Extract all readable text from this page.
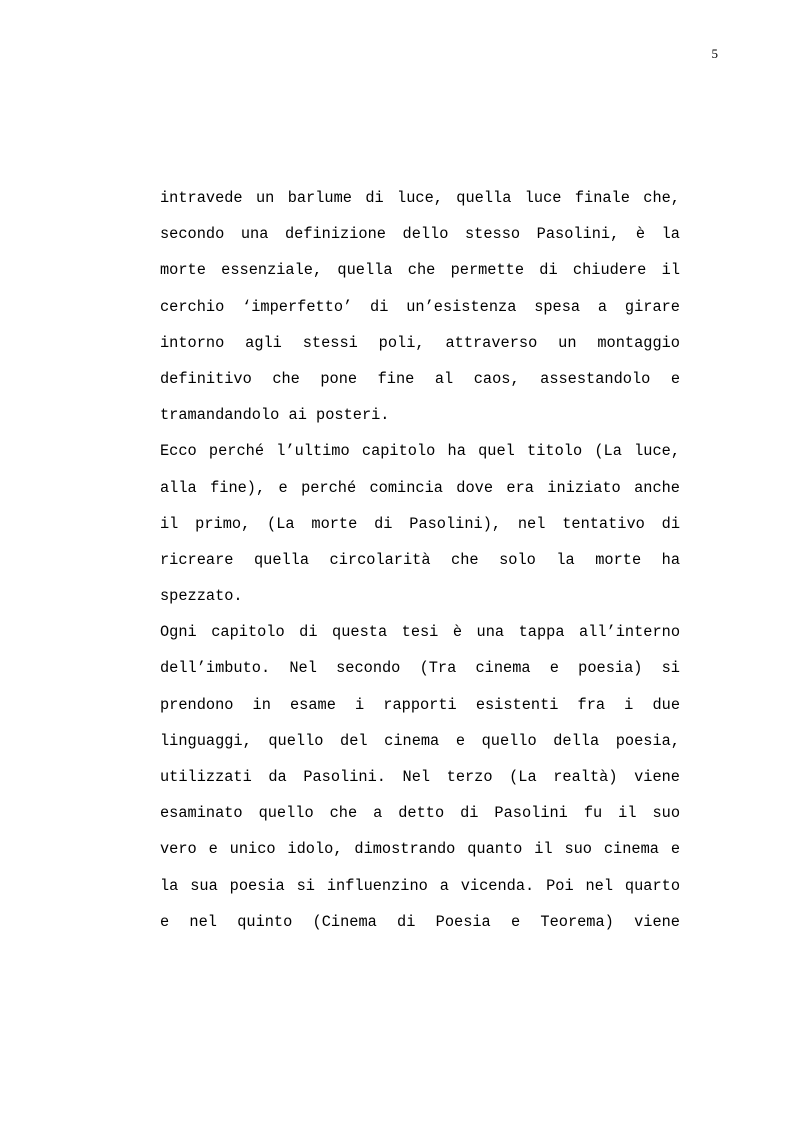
5
intravede un barlume di luce, quella luce finale che,
secondo una definizione dello stesso Pasolini, è la
morte essenziale, quella che permette di chiudere il
cerchio ‘imperfetto’ di un’esistenza spesa a girare
intorno agli stessi poli, attraverso un montaggio
definitivo che pone fine al caos, assestandolo e
tramandandolo ai posteri.
Ecco perché l’ultimo capitolo ha quel titolo (La luce,
alla fine), e perché comincia dove era iniziato anche
il primo, (La morte di Pasolini), nel tentativo di
ricreare quella circolarità che solo la morte ha
spezzato.
Ogni capitolo di questa tesi è una tappa all’interno
dell’imbuto. Nel secondo (Tra cinema e poesia) si
prendono in esame i rapporti esistenti fra i due
linguaggi, quello del cinema e quello della poesia,
utilizzati da Pasolini. Nel terzo (La realtà) viene
esaminato quello che a detto di Pasolini fu il suo
vero e unico idolo, dimostrando quanto il suo cinema e
la sua poesia si influenzino a vicenda. Poi nel quarto
e nel quinto (Cinema di Poesia e Teorema) viene
